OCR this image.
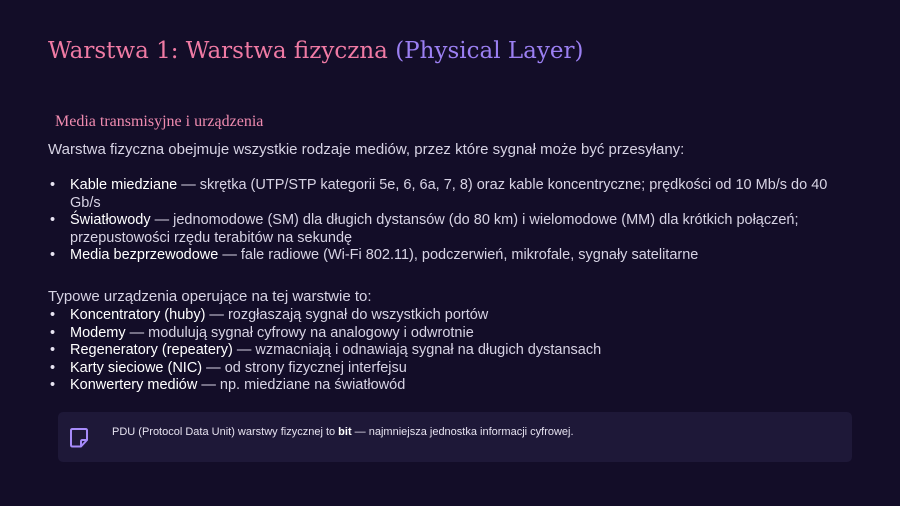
Warstwa 1: Warstwa fizyczna (Physical Layer)
Media transmisyjne i urządzenia

Warstwa fizyczna obejmuje wszystkie rodzaje mediów, przez które sygnał może być przesyłany:

• Kable miedziane — skrętka (UTP/STP kategorii 5e, 6, 6a, 7, 8) oraz kable koncentryczne; prędkości od 10 Mb/s do 40 Gb/s
• Światłowody — jednomodowe (SM) dla długich dystansów (do 80 km) i wielomodowe (MM) dla krótkich połączeń; przepustowości rzędu terabitów na sekundę
• Media bezprzewodowe — fale radiowe (Wi-Fi 802.11), podczerwień, mikrofale, sygnały satelitarne

Typowe urządzenia operujące na tej warstwie to:

• Koncentratory (huby) — rozgłaszają sygnał do wszystkich portów
• Modemy — modulują sygnał cyfrowy na analogowy i odwrotnie
• Regeneratory (repeatery) — wzmacniają i odnawiają sygnał na długich dystansach
• Karty sieciowe (NIC) — od strony fizycznej interfejsu
• Konwertery mediów — np. miedziane na światłowód
PDU (Protocol Data Unit) warstwy fizycznej to bit — najmniejsza jednostka informacji cyfrowej.
